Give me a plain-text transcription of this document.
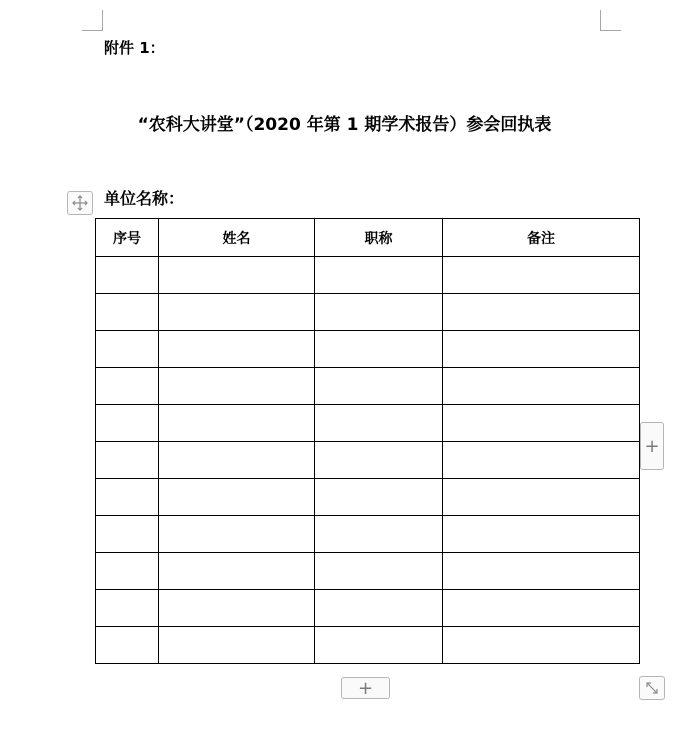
附件 1：
“农科大讲堂”（2020 年第 1 期学术报告）参会回执表
单位名称：
序号	姓名	职称	备注

+
+
